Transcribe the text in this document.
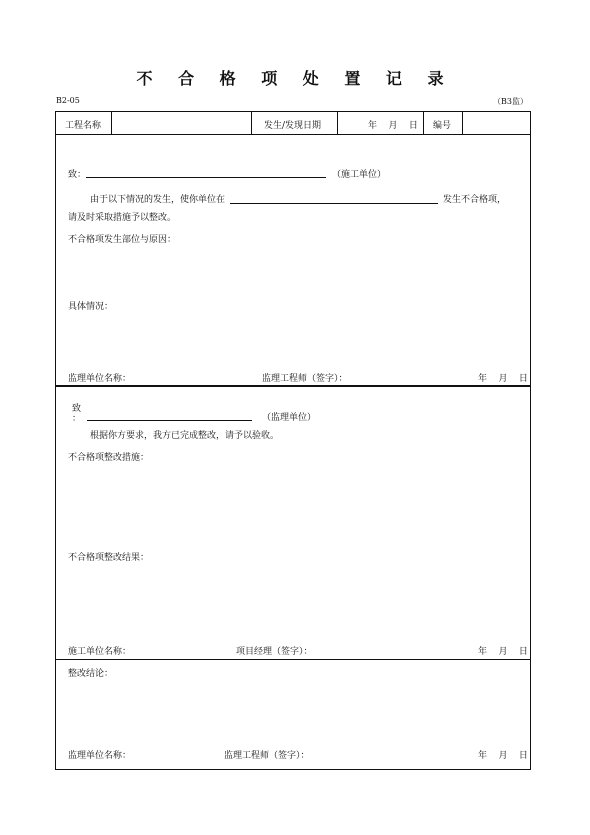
不 合 格 项 处 置 记 录
B2-05	（B3监）
工程名称	发生/发现日期	年    月    日 编号
致：	（施工单位）
由于以下情况的发生，使你单位在	发生不合格项，
请及时采取措施予以整改。
不合格项发生部位与原因：
具体情况：
监理单位名称：	监理工程师（签字）：	年    月    日
致
：	（监理单位）
根据你方要求，我方已完成整改，请予以验收。
不合格项整改措施：
不合格项整改结果：
施工单位名称：	项目经理（签字）：	年    月    日
整改结论：
监理单位名称：	监理工程师（签字）：	年    月    日
